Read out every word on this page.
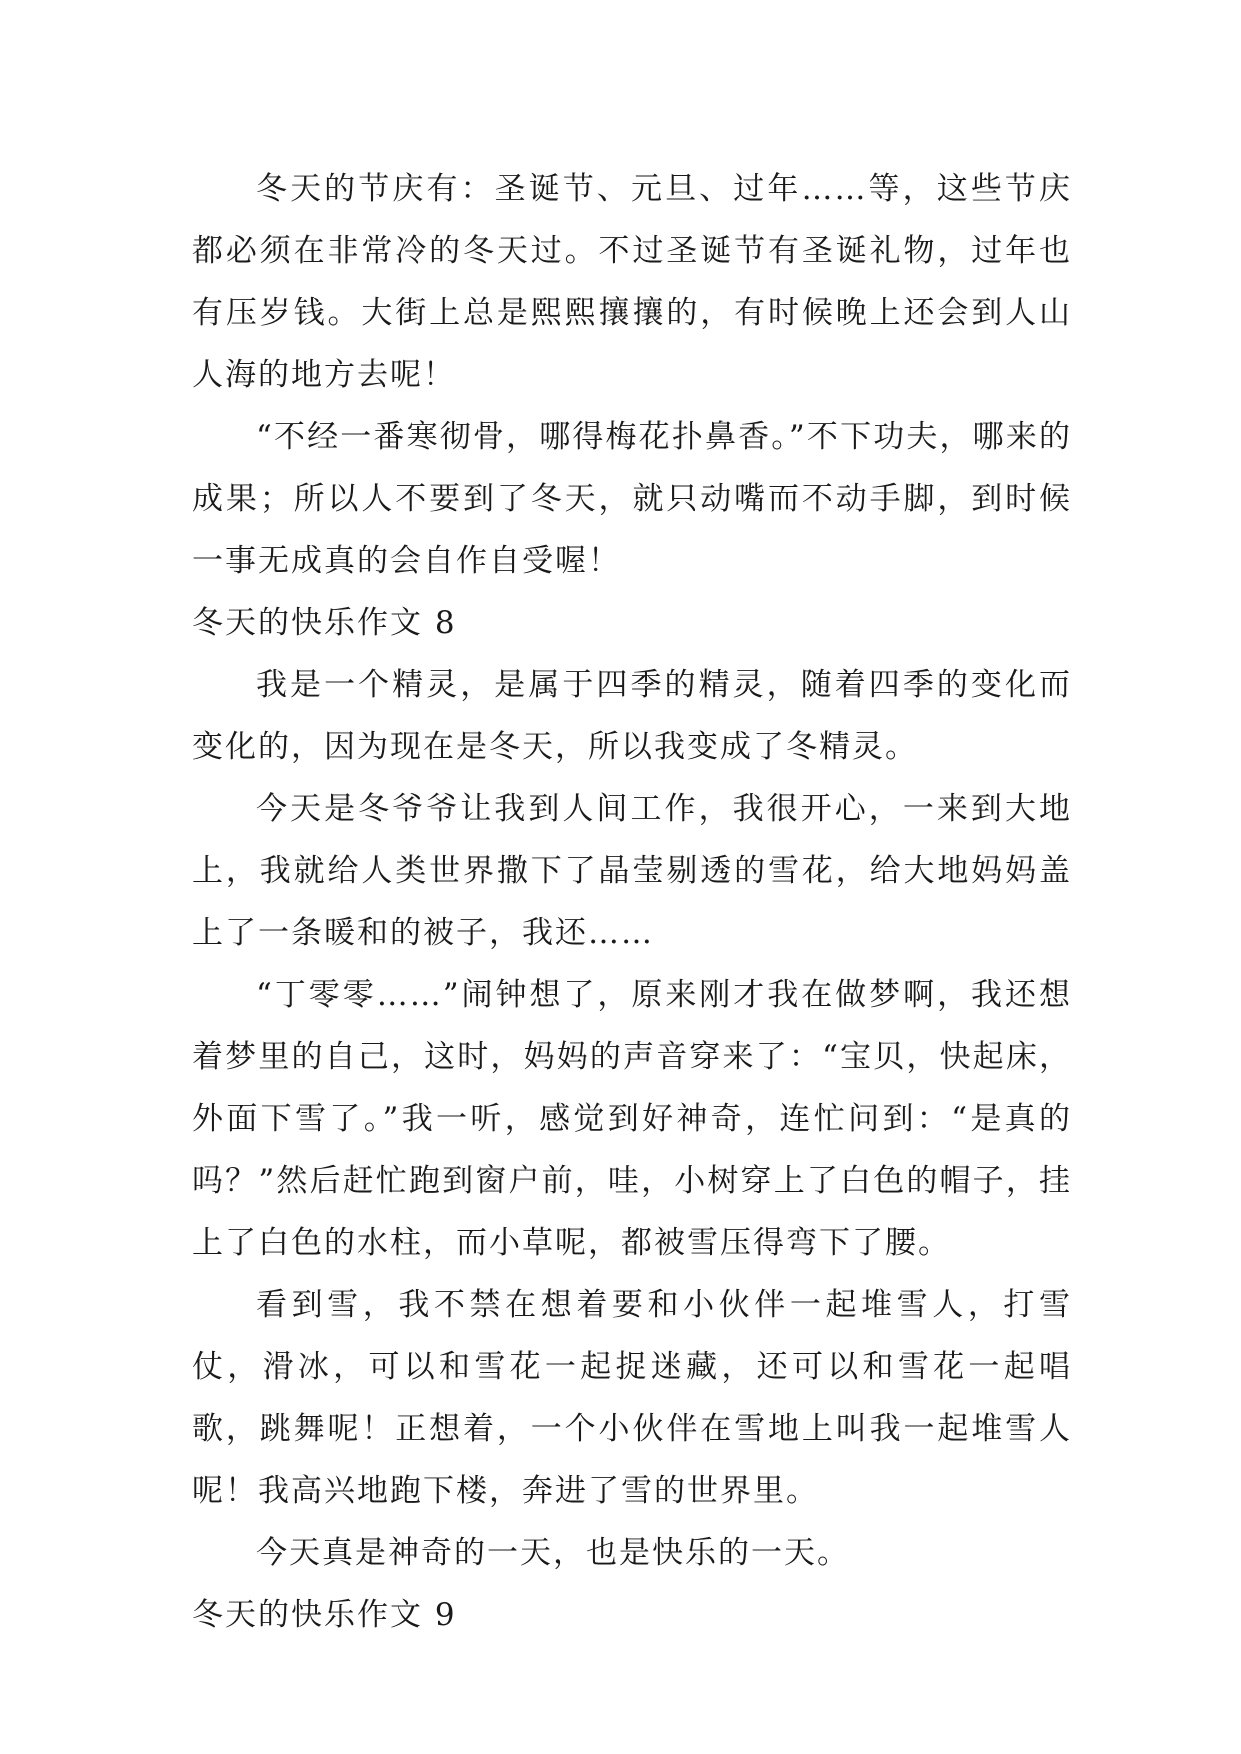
冬天的节庆有：圣诞节、元旦、过年……等，这些节庆都必须在非常冷的冬天过。不过圣诞节有圣诞礼物，过年也有压岁钱。大街上总是熙熙攘攘的，有时候晚上还会到人山人海的地方去呢！

“不经一番寒彻骨，哪得梅花扑鼻香。”不下功夫，哪来的成果；所以人不要到了冬天，就只动嘴而不动手脚，到时候一事无成真的会自作自受喔！

冬天的快乐作文 8

我是一个精灵，是属于四季的精灵，随着四季的变化而变化的，因为现在是冬天，所以我变成了冬精灵。

今天是冬爷爷让我到人间工作，我很开心，一来到大地上，我就给人类世界撒下了晶莹剔透的雪花，给大地妈妈盖上了一条暖和的被子，我还……

“丁零零……”闹钟想了，原来刚才我在做梦啊，我还想着梦里的自己，这时，妈妈的声音穿来了：“宝贝，快起床，外面下雪了。”我一听，感觉到好神奇，连忙问到：“是真的吗？”然后赶忙跑到窗户前，哇，小树穿上了白色的帽子，挂上了白色的水柱，而小草呢，都被雪压得弯下了腰。

看到雪，我不禁在想着要和小伙伴一起堆雪人，打雪仗，滑冰，可以和雪花一起捉迷藏，还可以和雪花一起唱歌，跳舞呢！正想着，一个小伙伴在雪地上叫我一起堆雪人呢！我高兴地跑下楼，奔进了雪的世界里。

今天真是神奇的一天，也是快乐的一天。

冬天的快乐作文 9
